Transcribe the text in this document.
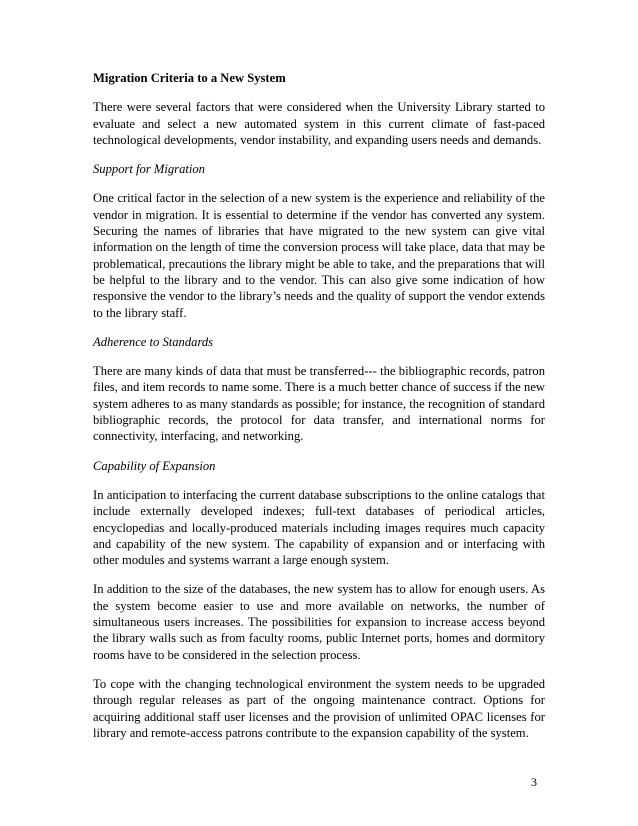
Migration Criteria to a New System

There were several factors that were considered when the University Library started to evaluate and select a new automated system in this current climate of fast-paced technological developments, vendor instability, and expanding users needs and demands.

Support for Migration

One critical factor in the selection of a new system is the experience and reliability of the vendor in migration. It is essential to determine if the vendor has converted any system. Securing the names of libraries that have migrated to the new system can give vital information on the length of time the conversion process will take place, data that may be problematical, precautions the library might be able to take, and the preparations that will be helpful to the library and to the vendor. This can also give some indication of how responsive the vendor to the library’s needs and the quality of support the vendor extends to the library staff.

Adherence to Standards

There are many kinds of data that must be transferred--- the bibliographic records, patron files, and item records to name some. There is a much better chance of success if the new system adheres to as many standards as possible; for instance, the recognition of standard bibliographic records, the protocol for data transfer, and international norms for connectivity, interfacing, and networking.

Capability of Expansion

In anticipation to interfacing the current database subscriptions to the online catalogs that include externally developed indexes; full-text databases of periodical articles, encyclopedias and locally-produced materials including images requires much capacity and capability of the new system. The capability of expansion and or interfacing with other modules and systems warrant a large enough system.

In addition to the size of the databases, the new system has to allow for enough users. As the system become easier to use and more available on networks, the number of simultaneous users increases. The possibilities for expansion to increase access beyond the library walls such as from faculty rooms, public Internet ports, homes and dormitory rooms have to be considered in the selection process.

To cope with the changing technological environment the system needs to be upgraded through regular releases as part of the ongoing maintenance contract. Options for acquiring additional staff user licenses and the provision of unlimited OPAC licenses for library and remote-access patrons contribute to the expansion capability of the system.

3
